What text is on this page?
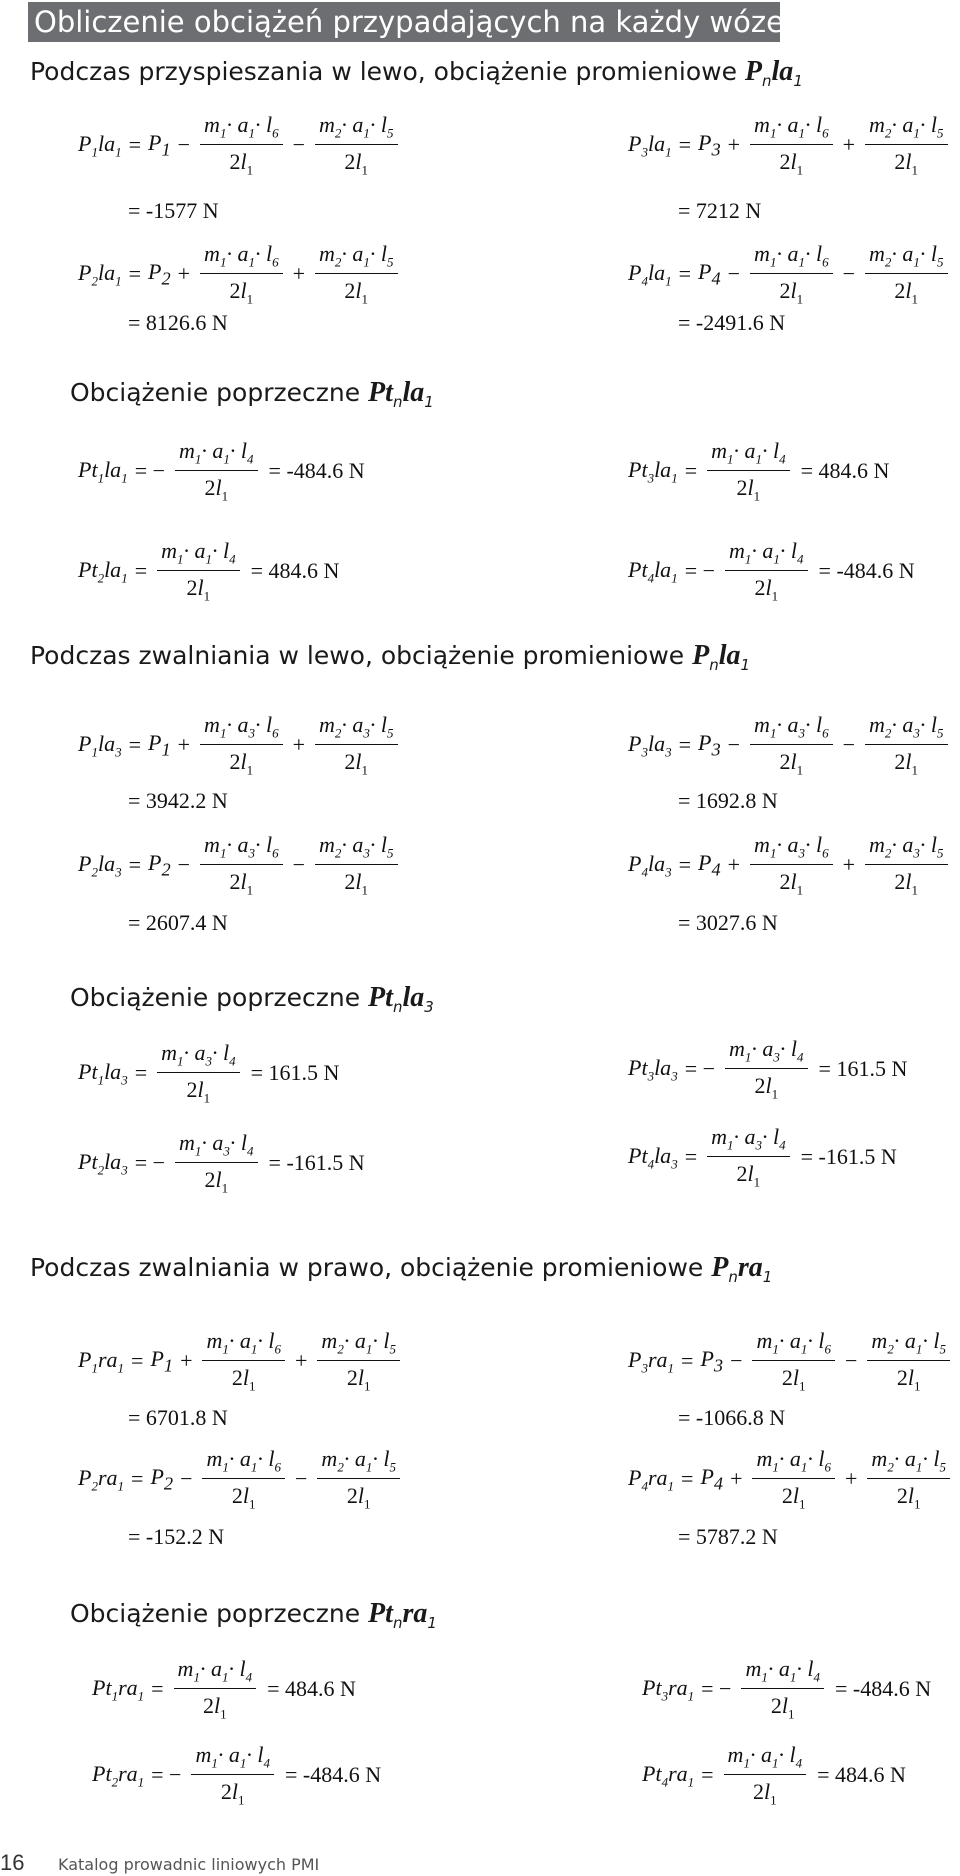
Obliczenie obciążeń przypadających na każdy wózek
Podczas przyspieszania w lewo, obciążenie promieniowe $P_nla_1$
$P_1la_1 = P_1 - \frac{m_1\cdot a_1\cdot l_6}{2l_1} - \frac{m_2\cdot a_1\cdot l_5}{2l_1}$
= -1577 N
$P_3la_1 = P_3 + \frac{m_1\cdot a_1\cdot l_6}{2l_1} + \frac{m_2\cdot a_1\cdot l_5}{2l_1}$
= 7212 N
$P_2la_1 = P_2 + \frac{m_1\cdot a_1\cdot l_6}{2l_1} + \frac{m_2\cdot a_1\cdot l_5}{2l_1}$
= 8126.6 N
$P_4la_1 = P_4 - \frac{m_1\cdot a_1\cdot l_6}{2l_1} - \frac{m_2\cdot a_1\cdot l_5}{2l_1}$
= -2491.6 N
Obciążenie poprzeczne $Pt_nla_1$
$Pt_1la_1$ = − $\frac{m_1\cdot a_1\cdot l_4}{2l_1} = -484.6$ N	$Pt_3la_1 = \frac{m_1\cdot a_1\cdot l_4}{2l_1} = 484.6$ N
$Pt_2la_1 = \frac{m_1\cdot a_1\cdot l_4}{2l_1} = 484.6$ N	$Pt_4la_1$ = − $\frac{m_1\cdot a_1\cdot l_4}{2l_1} = -484.6$ N
Podczas zwalniania w lewo, obciążenie promieniowe $P_nla_1$
$P_1la_3 = P_1 + \frac{m_1\cdot a_3\cdot l_6}{2l_1} + \frac{m_2\cdot a_3\cdot l_5}{2l_1}$
= 3942.2 N
$P_3la_3 = P_3 - \frac{m_1\cdot a_3\cdot l_6}{2l_1} - \frac{m_2\cdot a_3\cdot l_5}{2l_1}$
= 1692.8 N
$P_2la_3 = P_2 - \frac{m_1\cdot a_3\cdot l_6}{2l_1} - \frac{m_2\cdot a_3\cdot l_5}{2l_1}$
= 2607.4 N
$P_4la_3 = P_4 + \frac{m_1\cdot a_3\cdot l_6}{2l_1} + \frac{m_2\cdot a_3\cdot l_5}{2l_1}$
= 3027.6 N
Obciążenie poprzeczne $Pt_nla_3$
$Pt_1la_3 = \frac{m_1\cdot a_3\cdot l_4}{2l_1} = 161.5$ N	$Pt_3la_3$ = − $\frac{m_1\cdot a_3\cdot l_4}{2l_1} = 161.5$ N
$Pt_2la_3$ = − $\frac{m_1\cdot a_3\cdot l_4}{2l_1} = -161.5$ N	$Pt_4la_3 = \frac{m_1\cdot a_3\cdot l_4}{2l_1} = -161.5$ N
Podczas zwalniania w prawo, obciążenie promieniowe $P_nra_1$
$P_1ra_1 = P_1 + \frac{m_1\cdot a_1\cdot l_6}{2l_1} + \frac{m_2\cdot a_1\cdot l_5}{2l_1}$
= 6701.8 N
$P_3ra_1 = P_3 - \frac{m_1\cdot a_1\cdot l_6}{2l_1} - \frac{m_2\cdot a_1\cdot l_5}{2l_1}$
= -1066.8 N
$P_2ra_1 = P_2 - \frac{m_1\cdot a_1\cdot l_6}{2l_1} - \frac{m_2\cdot a_1\cdot l_5}{2l_1}$
= -152.2 N
$P_4ra_1 = P_4 + \frac{m_1\cdot a_1\cdot l_6}{2l_1} + \frac{m_2\cdot a_1\cdot l_5}{2l_1}$
= 5787.2 N
Obciążenie poprzeczne $Pt_nra_1$
$Pt_1ra_1 = \frac{m_1\cdot a_1\cdot l_4}{2l_1} = 484.6$ N	$Pt_3ra_1$ = − $\frac{m_1\cdot a_1\cdot l_4}{2l_1} = -484.6$ N
$Pt_2ra_1$ = − $\frac{m_1\cdot a_1\cdot l_4}{2l_1} = -484.6$ N	$Pt_4ra_1 = \frac{m_1\cdot a_1\cdot l_4}{2l_1} = 484.6$ N
16 Katalog prowadnic liniowych PMI
